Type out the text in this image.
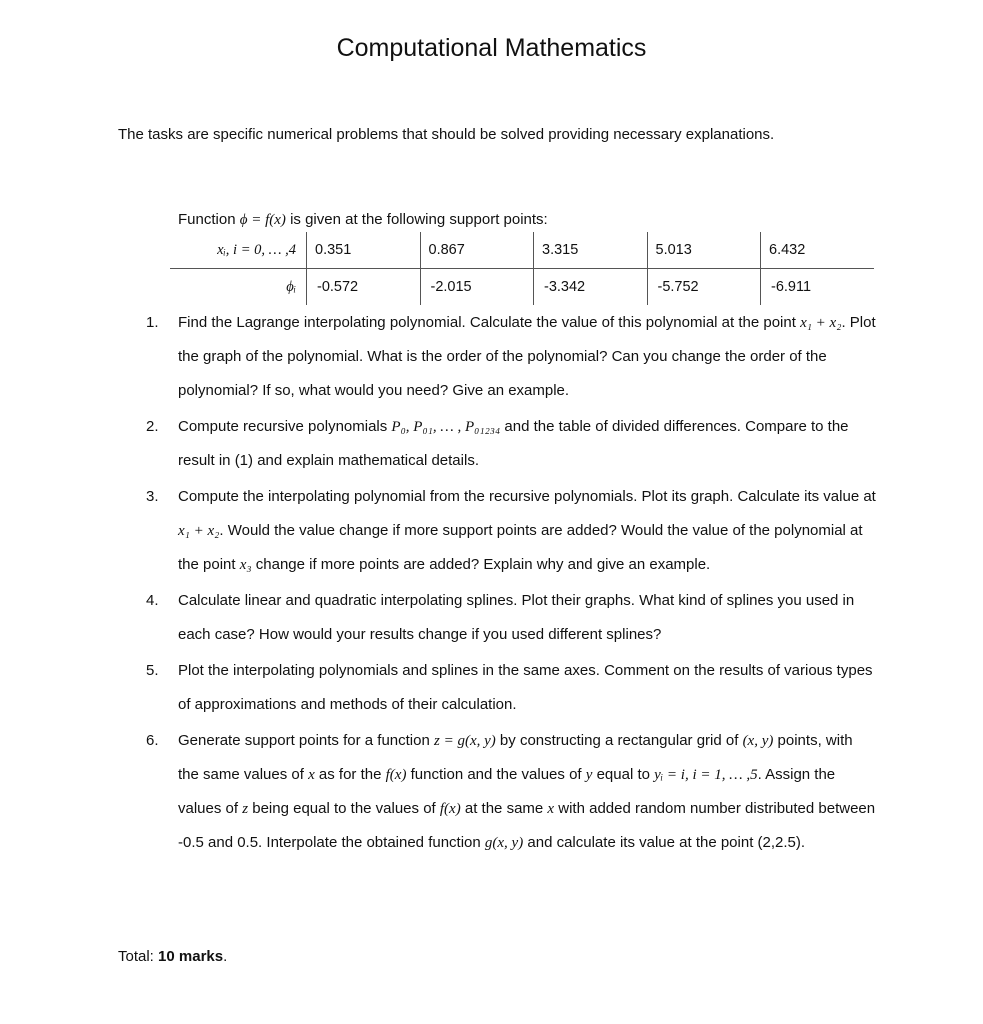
Computational Mathematics
The tasks are specific numerical problems that should be solved providing necessary explanations.
Function ϕ = f(x) is given at the following support points:
xᵢ, i = 0, … ,4	0.351	0.867	3.315	5.013	6.432
ϕᵢ	-0.572	-2.015	-3.342	-5.752	-6.911
1. Find the Lagrange interpolating polynomial. Calculate the value of this polynomial at the point x₁ + x₂. Plot the graph of the polynomial. What is the order of the polynomial? Can you change the order of the polynomial? If so, what would you need? Give an example.
2. Compute recursive polynomials P₀, P₀₁, … , P₀₁₂₃₄ and the table of divided differences. Compare to the result in (1) and explain mathematical details.
3. Compute the interpolating polynomial from the recursive polynomials. Plot its graph. Calculate its value at x₁ + x₂. Would the value change if more support points are added? Would the value of the polynomial at the point x₃ change if more points are added? Explain why and give an example.
4. Calculate linear and quadratic interpolating splines. Plot their graphs. What kind of splines you used in each case? How would your results change if you used different splines?
5. Plot the interpolating polynomials and splines in the same axes. Comment on the results of various types of approximations and methods of their calculation.
6. Generate support points for a function z = g(x, y) by constructing a rectangular grid of (x, y) points, with the same values of x as for the f(x) function and the values of y equal to yᵢ = i, i = 1, … ,5. Assign the values of z being equal to the values of f(x) at the same x with added random number distributed between -0.5 and 0.5. Interpolate the obtained function g(x, y) and calculate its value at the point (2,2.5).
Total: 10 marks.
